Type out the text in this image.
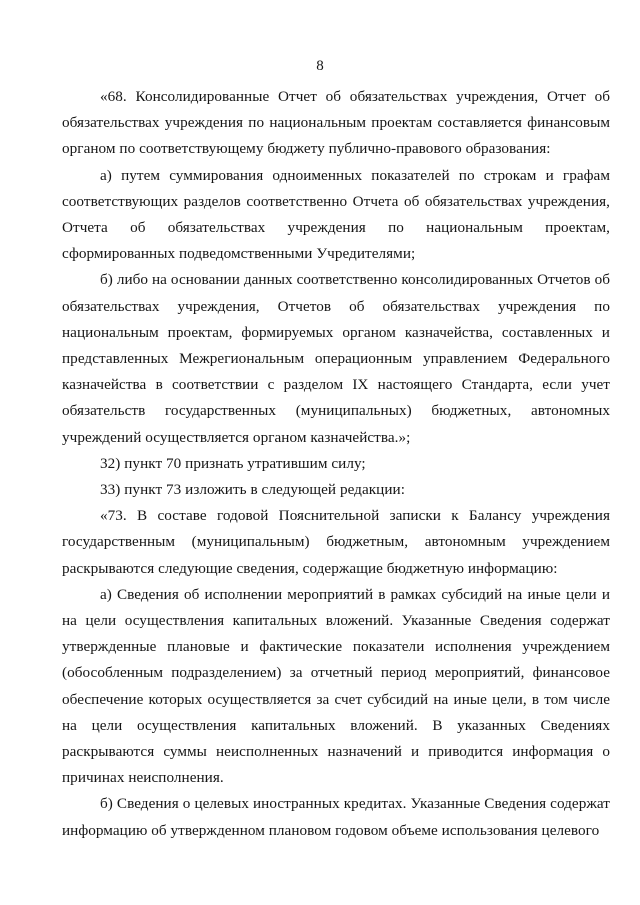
8

«68. Консолидированные Отчет об обязательствах учреждения, Отчет об обязательствах учреждения по национальным проектам составляется финансовым органом по соответствующему бюджету публично-правового образования:

а) путем суммирования одноименных показателей по строкам и графам соответствующих разделов соответственно Отчета об обязательствах учреждения, Отчета об обязательствах учреждения по национальным проектам, сформированных подведомственными Учредителями;

б) либо на основании данных соответственно консолидированных Отчетов об обязательствах учреждения, Отчетов об обязательствах учреждения по национальным проектам, формируемых органом казначейства, составленных и представленных Межрегиональным операционным управлением Федерального казначейства в соответствии с разделом IX настоящего Стандарта, если учет обязательств государственных (муниципальных) бюджетных, автономных учреждений осуществляется органом казначейства.»;

32) пункт 70 признать утратившим силу;

33) пункт 73 изложить в следующей редакции:

«73. В составе годовой Пояснительной записки к Балансу учреждения государственным (муниципальным) бюджетным, автономным учреждением раскрываются следующие сведения, содержащие бюджетную информацию:

а) Сведения об исполнении мероприятий в рамках субсидий на иные цели и на цели осуществления капитальных вложений. Указанные Сведения содержат утвержденные плановые и фактические показатели исполнения учреждением (обособленным подразделением) за отчетный период мероприятий, финансовое обеспечение которых осуществляется за счет субсидий на иные цели, в том числе на цели осуществления капитальных вложений. В указанных Сведениях раскрываются суммы неисполненных назначений и приводится информация о причинах неисполнения.

б) Сведения о целевых иностранных кредитах. Указанные Сведения содержат информацию об утвержденном плановом годовом объеме использования целевого
